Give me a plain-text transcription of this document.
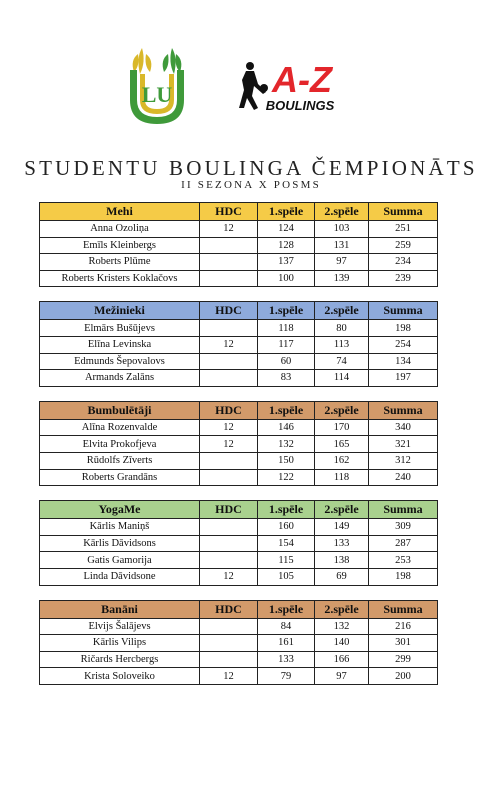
LU	A-Z
BOULINGS
STUDENTU BOULINGA ČEMPIONĀTS
II SEZONA X POSMS
Mehi	HDC	1.spēle	2.spēle	Summa
Anna Ozoliņa	12	124	103	251
Emīls Kleinbergs		128	131	259
Roberts Plūme		137	97	234
Roberts Kristers Koklačovs		100	139	239
Mežinieki	HDC	1.spēle	2.spēle	Summa
Elmārs Bušūjevs		118	80	198
Elīna Levinska	12	117	113	254
Edmunds Šepovalovs		60	74	134
Armands Zalāns		83	114	197
Bumbulētāji	HDC	1.spēle	2.spēle	Summa
Alīna Rozenvalde	12	146	170	340
Elvita Prokofjeva	12	132	165	321
Rūdolfs Zīverts		150	162	312
Roberts Grandāns		122	118	240
YogaMe	HDC	1.spēle	2.spēle	Summa
Kārlis Maniņš		160	149	309
Kārlis Dāvidsons		154	133	287
Gatis Gamorija		115	138	253
Linda Dāvidsone	12	105	69	198
Banāni	HDC	1.spēle	2.spēle	Summa
Elvijs Šalājevs		84	132	216
Kārlis Vilips		161	140	301
Ričards Hercbergs		133	166	299
Krista Soloveiko	12	79	97	200
